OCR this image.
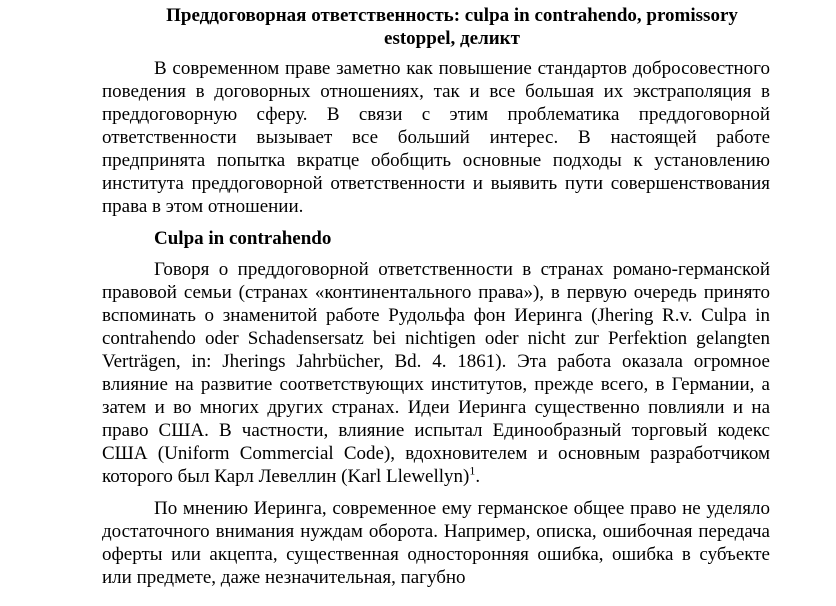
Преддоговорная ответственность: culpa in contrahendo, promissory estoppel, деликт

В современном праве заметно как повышение стандартов добросовестного поведения в договорных отношениях, так и все большая их экстраполяция в преддоговорную сферу. В связи с этим проблематика преддоговорной ответственности вызывает все больший интерес. В настоящей работе предпринята попытка вкратце обобщить основные подходы к установлению института преддоговорной ответственности и выявить пути совершенствования права в этом отношении.

Culpa in contrahendo

Говоря о преддоговорной ответственности в странах романо-германской правовой семьи (странах «континентального права»), в первую очередь принято вспоминать о знаменитой работе Рудольфа фон Иеринга (Jhering R.v. Culpa in contrahendo oder Schadensersatz bei nichtigen oder nicht zur Perfektion gelangten Verträgen, in: Jherings Jahrbücher, Bd. 4. 1861). Эта работа оказала огромное влияние на развитие соответствующих институтов, прежде всего, в Германии, а затем и во многих других странах. Идеи Иеринга существенно повлияли и на право США. В частности, влияние испытал Единообразный торговый кодекс США (Uniform Commercial Code), вдохновителем и основным разработчиком которого был Карл Левеллин (Karl Llewellyn)$^1$.

По мнению Иеринга, современное ему германское общее право не уделяло достаточного внимания нуждам оборота. Например, описка, ошибочная передача оферты или акцепта, существенная односторонняя ошибка, ошибка в субъекте или предмете, даже незначительная, пагубно
